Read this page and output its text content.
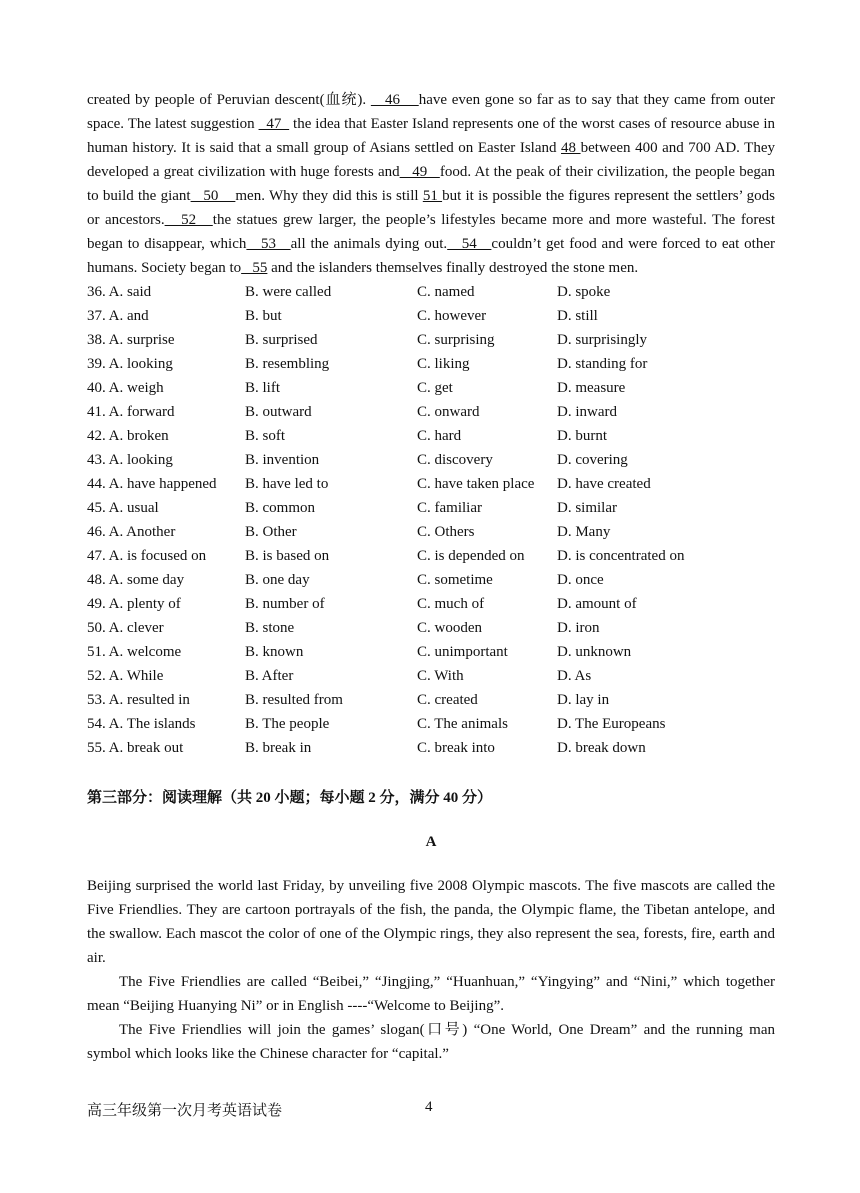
created by people of Peruvian descent(血统).    46    have even gone so far as to say that they came from outer space. The latest suggestion   47   the idea that Easter Island represents one of the worst cases of resource abuse in human history. It is said that a small group of Asians settled on Easter Island 48 between 400 and 700 AD. They developed a great civilization with huge forests and   49   food. At the peak of their civilization, the people began to build the giant   50    men. Why they did this is still 51 but it is possible the figures represent the settlers’ gods or ancestors.   52   the statues grew larger, the people’s lifestyles became more and more wasteful. The forest began to disappear, which   53   all the animals dying out.   54   couldn’t get food and were forced to eat other humans. Society began to   55 and the islanders themselves finally destroyed the stone men.

36. A. said	B. were called	C. named	D. spoke
37. A. and	B. but	C. however	D. still
38. A. surprise	B. surprised	C. surprising	D. surprisingly
39. A. looking	B. resembling	C. liking	D. standing for
40. A. weigh	B. lift	C. get	D. measure
41. A. forward	B. outward	C. onward	D. inward
42. A. broken	B. soft	C. hard	D. burnt
43. A. looking	B. invention	C. discovery	D. covering
44. A. have happened B. have led to	C. have taken place D. have created
45. A. usual	B. common	C. familiar	D. similar
46. A. Another	B. Other	C. Others	D. Many
47. A. is focused on	B. is based on	C. is depended on D. is concentrated on
48. A. some day	B. one day	C. sometime	D. once
49. A. plenty of	B. number of	C. much of	D. amount of
50. A. clever	B. stone	C. wooden	D. iron
51. A. welcome	B. known	C. unimportant	D. unknown
52. A. While	B. After	C. With	D. As
53. A. resulted in	B. resulted from	C. created	D. lay in
54. A. The islands	B. The people	C. The animals	D. The Europeans
55. A. break out	B. break in	C. break into	D. break down
第三部分：阅读理解（共 20 小题；每小题 2 分，满分 40 分）
A

Beijing surprised the world last Friday, by unveiling five 2008 Olympic mascots. The five mascots are called the Five Friendlies. They are cartoon portrayals of the fish, the panda, the Olympic flame, the Tibetan antelope, and the swallow. Each mascot the color of one of the Olympic rings, they also represent the sea, forests, fire, earth and air.

The Five Friendlies are called “Beibei,” “Jingjing,” “Huanhuan,” “Yingying” and “Nini,” which together mean “Beijing Huanying Ni” or in English ----“Welcome to Beijing”.

The Five Friendlies will join the games’ slogan(口号) “One World, One Dream” and the running man symbol which looks like the Chinese character for “capital.”

高三年级第一次月考英语试卷	4
